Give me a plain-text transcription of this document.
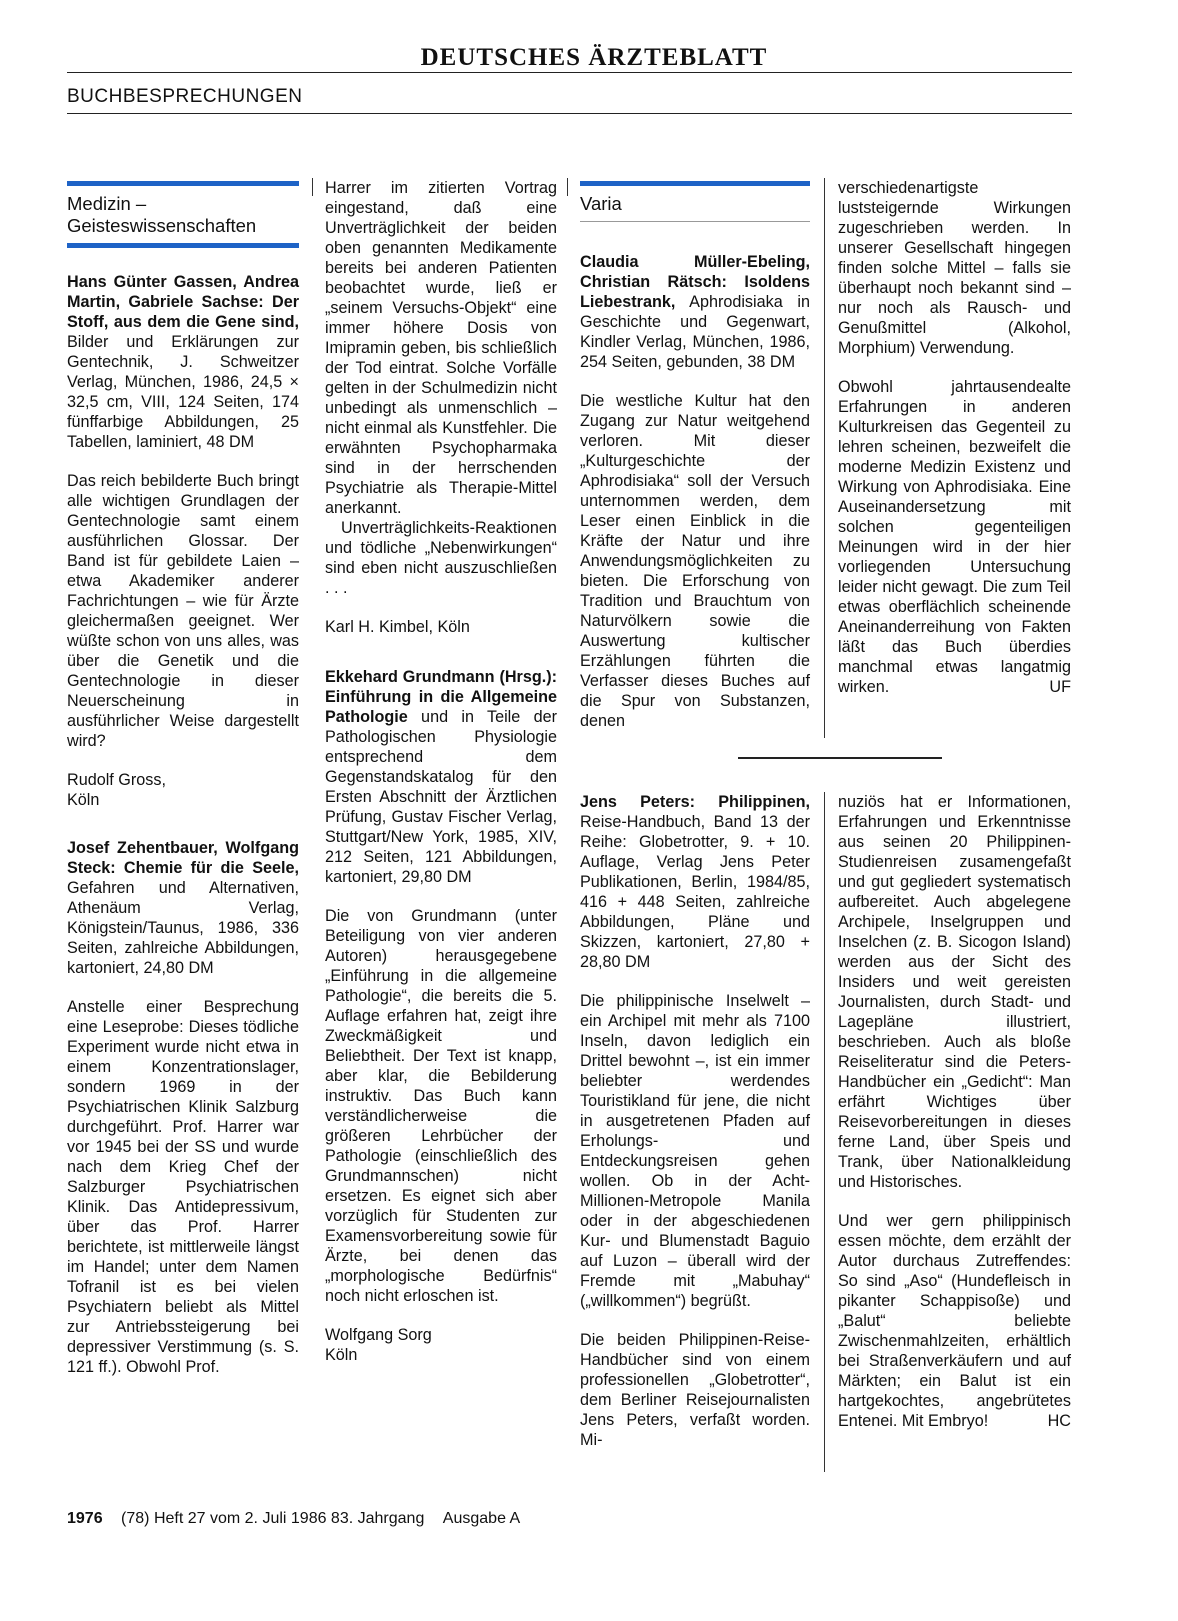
DEUTSCHES ÄRZTEBLATT
BUCHBESPRECHUNGEN
Medizin –
Geisteswissenschaften

Hans Günter Gassen, Andrea Martin, Gabriele Sachse: Der Stoff, aus dem die Gene sind, Bilder und Erklärungen zur Gentechnik, J. Schweitzer Verlag, München, 1986, 24,5 × 32,5 cm, VIII, 124 Seiten, 174 fünffarbige Abbildungen, 25 Tabellen, laminiert, 48 DM

Das reich bebilderte Buch bringt alle wichtigen Grundlagen der Gentechnologie samt einem ausführlichen Glossar. Der Band ist für gebildete Laien – etwa Akademiker anderer Fachrichtungen – wie für Ärzte gleichermaßen geeignet. Wer wüßte schon von uns alles, was über die Genetik und die Gentechnologie in dieser Neuerscheinung in ausführlicher Weise dargestellt wird?

Rudolf Gross,
Köln

Josef Zehentbauer, Wolfgang Steck: Chemie für die Seele, Gefahren und Alternativen, Athenäum Verlag, Königstein/Taunus, 1986, 336 Seiten, zahlreiche Abbildungen, kartoniert, 24,80 DM

Anstelle einer Besprechung eine Leseprobe: Dieses tödliche Experiment wurde nicht etwa in einem Konzentrationslager, sondern 1969 in der Psychiatrischen Klinik Salzburg durchgeführt. Prof. Harrer war vor 1945 bei der SS und wurde nach dem Krieg Chef der Salzburger Psychiatrischen Klinik. Das Antidepressivum, über das Prof. Harrer berichtete, ist mittlerweile längst im Handel; unter dem Namen Tofranil ist es bei vielen Psychiatern beliebt als Mittel zur Antriebssteigerung bei depressiver Verstimmung (s. S. 121 ff.). Obwohl Prof.

Harrer im zitierten Vortrag eingestand, daß eine Unverträglichkeit der beiden oben genannten Medikamente bereits bei anderen Patienten beobachtet wurde, ließ er „seinem Versuchs-Objekt“ eine immer höhere Dosis von Imipramin geben, bis schließlich der Tod eintrat. Solche Vorfälle gelten in der Schulmedizin nicht unbedingt als unmenschlich – nicht einmal als Kunstfehler. Die erwähnten Psychopharmaka sind in der herrschenden Psychiatrie als Therapie-Mittel anerkannt.

Unverträglichkeits-Reaktionen und tödliche „Nebenwirkungen“ sind eben nicht auszuschließen . . .

Karl H. Kimbel, Köln

Ekkehard Grundmann (Hrsg.): Einführung in die Allgemeine Pathologie und in Teile der Pathologischen Physiologie entsprechend dem Gegenstandskatalog für den Ersten Abschnitt der Ärztlichen Prüfung, Gustav Fischer Verlag, Stuttgart/New York, 1985, XIV, 212 Seiten, 121 Abbildungen, kartoniert, 29,80 DM

Die von Grundmann (unter Beteiligung von vier anderen Autoren) herausgegebene „Einführung in die allgemeine Pathologie“, die bereits die 5. Auflage erfahren hat, zeigt ihre Zweckmäßigkeit und Beliebtheit. Der Text ist knapp, aber klar, die Bebilderung instruktiv. Das Buch kann verständlicherweise die größeren Lehrbücher der Pathologie (einschließlich des Grundmannschen) nicht ersetzen. Es eignet sich aber vorzüglich für Studenten zur Examensvorbereitung sowie für Ärzte, bei denen das „morphologische Bedürfnis“ noch nicht erloschen ist.

Wolfgang Sorg
Köln

Varia

Claudia Müller-Ebeling, Christian Rätsch: Isoldens Liebestrank, Aphrodisiaka in Geschichte und Gegenwart, Kindler Verlag, München, 1986, 254 Seiten, gebunden, 38 DM

Die westliche Kultur hat den Zugang zur Natur weitgehend verloren. Mit dieser „Kulturgeschichte der Aphrodisiaka“ soll der Versuch unternommen werden, dem Leser einen Einblick in die Kräfte der Natur und ihre Anwendungsmöglichkeiten zu bieten. Die Erforschung von Tradition und Brauchtum von Naturvölkern sowie die Auswertung kultischer Erzählungen führten die Verfasser dieses Buches auf die Spur von Substanzen, denen

verschiedenartigste luststeigernde Wirkungen zugeschrieben werden. In unserer Gesellschaft hingegen finden solche Mittel – falls sie überhaupt noch bekannt sind – nur noch als Rausch- und Genußmittel (Alkohol, Morphium) Verwendung.

Obwohl jahrtausendealte Erfahrungen in anderen Kulturkreisen das Gegenteil zu lehren scheinen, bezweifelt die moderne Medizin Existenz und Wirkung von Aphrodisiaka. Eine Auseinandersetzung mit solchen gegenteiligen Meinungen wird in der hier vorliegenden Untersuchung leider nicht gewagt. Die zum Teil etwas oberflächlich scheinende Aneinanderreihung von Fakten läßt das Buch überdies manchmal etwas langatmig wirken.	UF

Jens Peters: Philippinen, Reise-Handbuch, Band 13 der Reihe: Globetrotter, 9. + 10. Auflage, Verlag Jens Peter Publikationen, Berlin, 1984/85, 416 + 448 Seiten, zahlreiche Abbildungen, Pläne und Skizzen, kartoniert, 27,80 + 28,80 DM

Die philippinische Inselwelt – ein Archipel mit mehr als 7100 Inseln, davon lediglich ein Drittel bewohnt –, ist ein immer beliebter werdendes Touristikland für jene, die nicht in ausgetretenen Pfaden auf Erholungs- und Entdeckungsreisen gehen wollen. Ob in der Acht-Millionen-Metropole Manila oder in der abgeschiedenen Kur- und Blumenstadt Baguio auf Luzon – überall wird der Fremde mit „Mabuhay“ („willkommen“) begrüßt.

Die beiden Philippinen-Reise-Handbücher sind von einem professionellen „Globetrotter“, dem Berliner Reisejournalisten Jens Peters, verfaßt worden. Mi-

nuziös hat er Informationen, Erfahrungen und Erkenntnisse aus seinen 20 Philippinen-Studienreisen zusamengefaßt und gut gegliedert systematisch aufbereitet. Auch abgelegene Archipele, Inselgruppen und Inselchen (z. B. Sicogon Island) werden aus der Sicht des Insiders und weit gereisten Journalisten, durch Stadt- und Lagepläne illustriert, beschrieben. Auch als bloße Reiseliteratur sind die Peters-Handbücher ein „Gedicht“: Man erfährt Wichtiges über Reisevorbereitungen in dieses ferne Land, über Speis und Trank, über Nationalkleidung und Historisches.

Und wer gern philippinisch essen möchte, dem erzählt der Autor durchaus Zutreffendes: So sind „Aso“ (Hundefleisch in pikanter Schappisoße) und „Balut“ beliebte Zwischenmahlzeiten, erhältlich bei Straßenverkäufern und auf Märkten; ein Balut ist ein hartgekochtes, angebrütetes Entenei. Mit Embryo!	HC

1976 (78) Heft 27 vom 2. Juli 1986 83. Jahrgang Ausgabe A
